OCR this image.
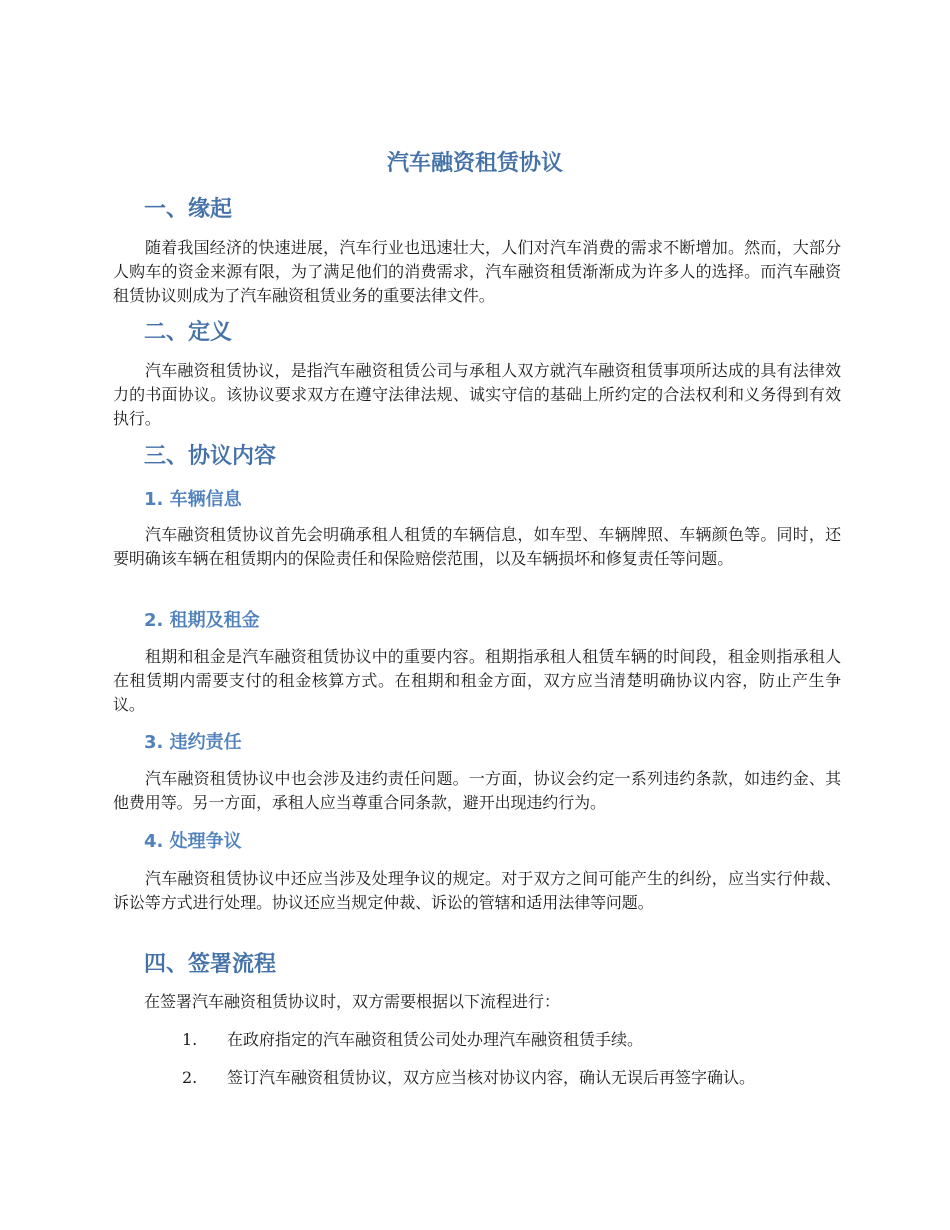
汽车融资租赁协议
一、缘起

随着我国经济的快速进展，汽车行业也迅速壮大，人们对汽车消费的需求不断增加。然而，大部分人购车的资金来源有限，为了满足他们的消费需求，汽车融资租赁渐渐成为许多人的选择。而汽车融资租赁协议则成为了汽车融资租赁业务的重要法律文件。

二、定义

汽车融资租赁协议，是指汽车融资租赁公司与承租人双方就汽车融资租赁事项所达成的具有法律效力的书面协议。该协议要求双方在遵守法律法规、诚实守信的基础上所约定的合法权利和义务得到有效执行。

三、协议内容
1. 车辆信息

汽车融资租赁协议首先会明确承租人租赁的车辆信息，如车型、车辆牌照、车辆颜色等。同时，还要明确该车辆在租赁期内的保险责任和保险赔偿范围，以及车辆损坏和修复责任等问题。

2. 租期及租金

租期和租金是汽车融资租赁协议中的重要内容。租期指承租人租赁车辆的时间段，租金则指承租人在租赁期内需要支付的租金核算方式。在租期和租金方面，双方应当清楚明确协议内容，防止产生争议。

3. 违约责任

汽车融资租赁协议中也会涉及违约责任问题。一方面，协议会约定一系列违约条款，如违约金、其他费用等。另一方面，承租人应当尊重合同条款，避开出现违约行为。

4. 处理争议

汽车融资租赁协议中还应当涉及处理争议的规定。对于双方之间可能产生的纠纷，应当实行仲裁、诉讼等方式进行处理。协议还应当规定仲裁、诉讼的管辖和适用法律等问题。

四、签署流程

在签署汽车融资租赁协议时，双方需要根据以下流程进行：

1. 在政府指定的汽车融资租赁公司处办理汽车融资租赁手续。
2. 签订汽车融资租赁协议，双方应当核对协议内容，确认无误后再签字确认。
